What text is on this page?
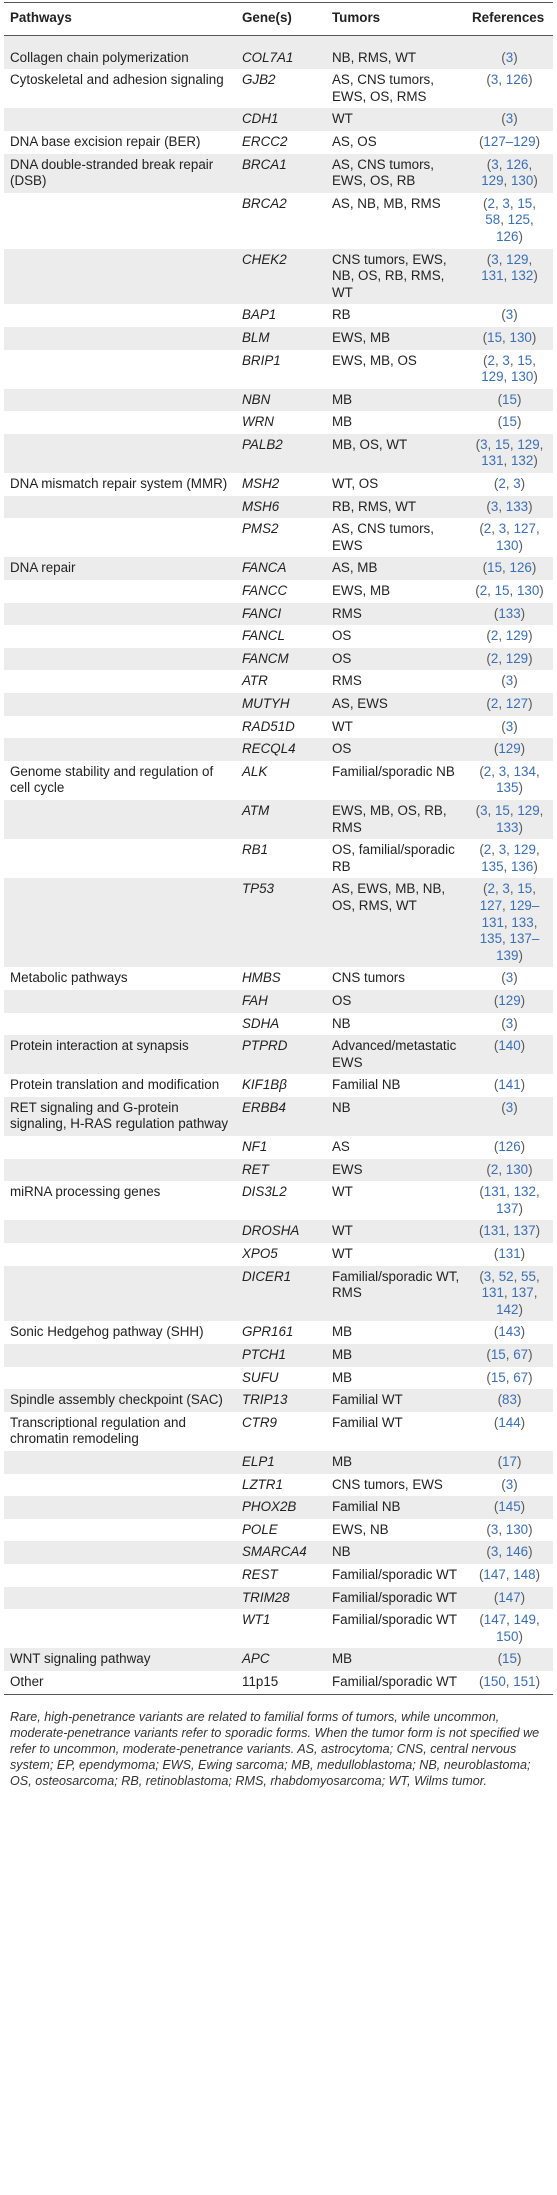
Pathways	Gene(s)	Tumors	References
Collagen chain polymerization	COL7A1	NB, RMS, WT	(3)
Cytoskeletal and adhesion signaling	GJB2	AS, CNS tumors, EWS, OS, RMS	(3, 126)
	CDH1	WT	(3)
DNA base excision repair (BER)	ERCC2	AS, OS	(127–129)
DNA double-stranded break repair (DSB)	BRCA1	AS, CNS tumors, EWS, OS, RB	(3, 126, 129, 130)
	BRCA2	AS, NB, MB, RMS	(2, 3, 15, 58, 125, 126)
	CHEK2	CNS tumors, EWS, NB, OS, RB, RMS, WT	(3, 129, 131, 132)
	BAP1	RB	(3)
	BLM	EWS, MB	(15, 130)
	BRIP1	EWS, MB, OS	(2, 3, 15, 129, 130)
	NBN	MB	(15)
	WRN	MB	(15)
	PALB2	MB, OS, WT	(3, 15, 129, 131, 132)
DNA mismatch repair system (MMR)	MSH2	WT, OS	(2, 3)
	MSH6	RB, RMS, WT	(3, 133)
	PMS2	AS, CNS tumors, EWS	(2, 3, 127, 130)
DNA repair	FANCA	AS, MB	(15, 126)
	FANCC	EWS, MB	(2, 15, 130)
	FANCI	RMS	(133)
	FANCL	OS	(2, 129)
	FANCM	OS	(2, 129)
	ATR	RMS	(3)
	MUTYH	AS, EWS	(2, 127)
	RAD51D	WT	(3)
	RECQL4	OS	(129)
Genome stability and regulation of cell cycle	ALK	Familial/sporadic NB	(2, 3, 134, 135)
	ATM	EWS, MB, OS, RB, RMS	(3, 15, 129, 133)
	RB1	OS, familial/sporadic RB	(2, 3, 129, 135, 136)
	TP53	AS, EWS, MB, NB, OS, RMS, WT	(2, 3, 15, 127, 129–131, 133, 135, 137–139)
Metabolic pathways	HMBS	CNS tumors	(3)
	FAH	OS	(129)
	SDHA	NB	(3)
Protein interaction at synapsis	PTPRD	Advanced/metastatic EWS	(140)
Protein translation and modification	KIF1Bβ	Familial NB	(141)
RET signaling and G-protein signaling, H-RAS regulation pathway	ERBB4	NB	(3)
	NF1	AS	(126)
	RET	EWS	(2, 130)
miRNA processing genes	DIS3L2	WT	(131, 132, 137)
	DROSHA	WT	(131, 137)
	XPO5	WT	(131)
	DICER1	Familial/sporadic WT, RMS	(3, 52, 55, 131, 137, 142)
Sonic Hedgehog pathway (SHH)	GPR161	MB	(143)
	PTCH1	MB	(15, 67)
	SUFU	MB	(15, 67)
Spindle assembly checkpoint (SAC)	TRIP13	Familial WT	(83)
Transcriptional regulation and chromatin remodeling	CTR9	Familial WT	(144)
	ELP1	MB	(17)
	LZTR1	CNS tumors, EWS	(3)
	PHOX2B	Familial NB	(145)
	POLE	EWS, NB	(3, 130)
	SMARCA4	NB	(3, 146)
	REST	Familial/sporadic WT	(147, 148)
	TRIM28	Familial/sporadic WT	(147)
	WT1	Familial/sporadic WT	(147, 149, 150)
WNT signaling pathway	APC	MB	(15)
Other	11p15	Familial/sporadic WT	(150, 151)
Rare, high-penetrance variants are related to familial forms of tumors, while uncommon, moderate-penetrance variants refer to sporadic forms. When the tumor form is not specified we refer to uncommon, moderate-penetrance variants. AS, astrocytoma; CNS, central nervous system; EP, ependymoma; EWS, Ewing sarcoma; MB, medulloblastoma; NB, neuroblastoma; OS, osteosarcoma; RB, retinoblastoma; RMS, rhabdomyosarcoma; WT, Wilms tumor.
